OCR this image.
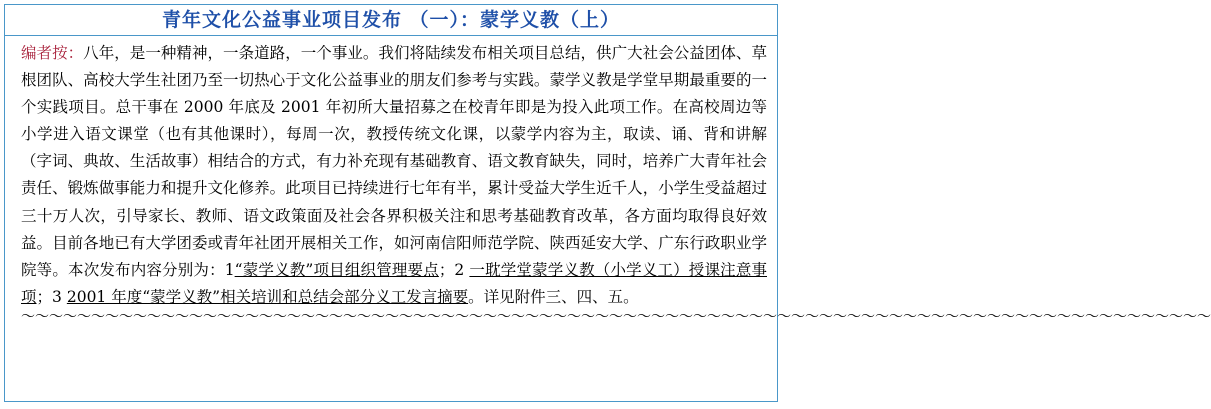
青年文化公益事业项目发布 （一）：蒙学义教（上）
编者按：八年，是一种精神，一条道路，一个事业。我们将陆续发布相关项目总结，供广大社会公益团体、草根团队、高校大学生社团乃至一切热心于文化公益事业的朋友们参考与实践。蒙学义教是学堂早期最重要的一个实践项目。总干事在 2000 年底及 2001 年初所大量招募之在校青年即是为投入此项工作。在高校周边等小学进入语文课堂（也有其他课时），每周一次，教授传统文化课，以蒙学内容为主，取读、诵、背和讲解（字词、典故、生活故事）相结合的方式，有力补充现有基础教育、语文教育缺失，同时，培养广大青年社会责任、锻炼做事能力和提升文化修养。此项目已持续进行七年有半，累计受益大学生近千人，小学生受益超过三十万人次，引导家长、教师、语文政策面及社会各界积极关注和思考基础教育改革，各方面均取得良好效益。目前各地已有大学团委或青年社团开展相关工作，如河南信阳师范学院、陕西延安大学、广东行政职业学院等。本次发布内容分别为：1“蒙学义教”项目组织管理要点；2 一耽学堂蒙学义教（小学义工）授课注意事项；3 2001 年度“蒙学义教”相关培训和总结会部分义工发言摘要。详见附件三、四、五。
～～～～～～～～～～～～～～～～～～～～～～～～～～～～～～～～～～～～～～～～～～～～～～～～～～～～～～～～～～～～～～～～～～～～～～～～～～～～～～～～～～～～～
